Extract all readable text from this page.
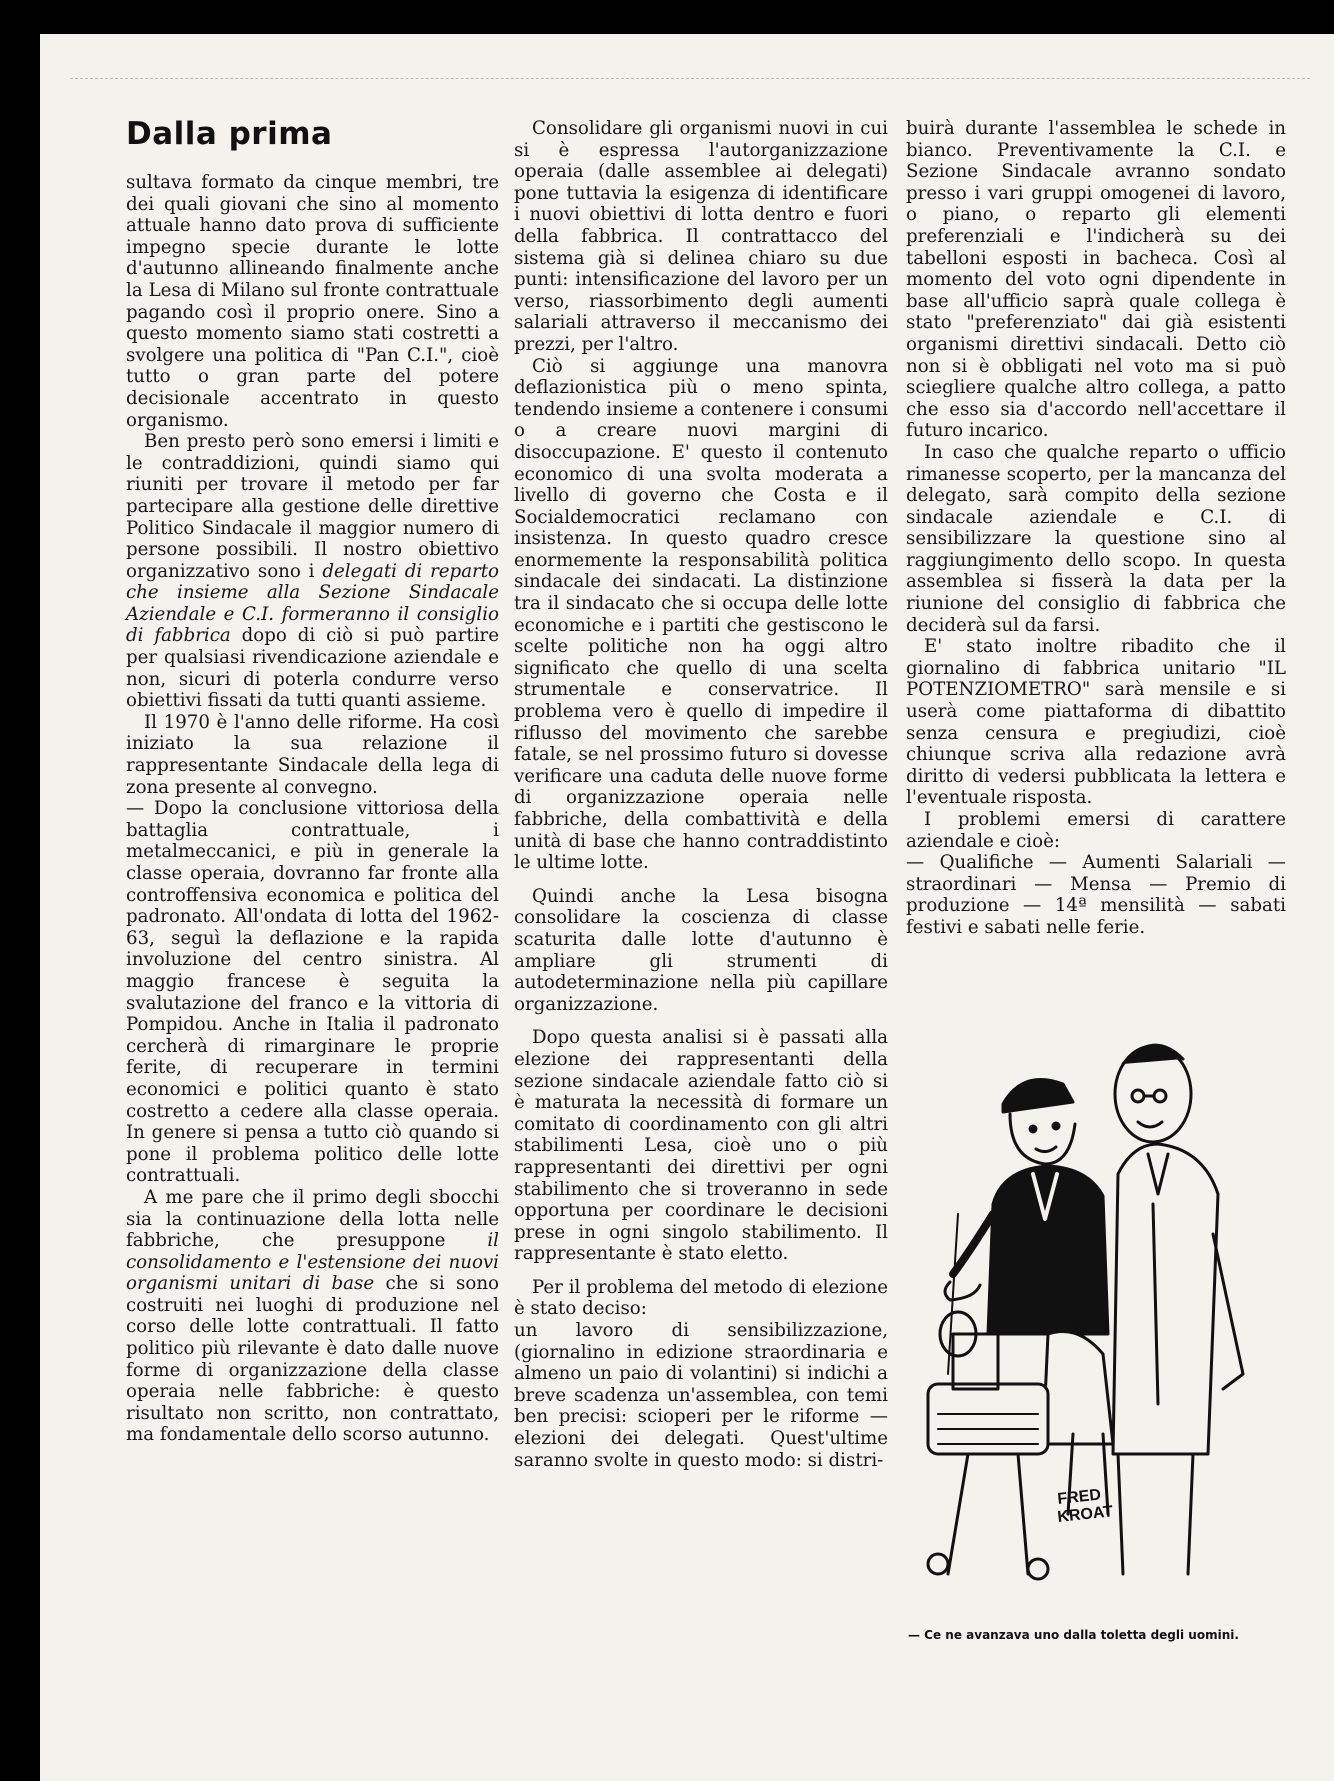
Dalla prima

sultava formato da cinque membri, tre dei quali giovani che sino al momento attuale hanno dato prova di sufficiente impegno specie durante le lotte d'autunno allineando finalmente anche la Lesa di Milano sul fronte contrattuale pagando così il proprio onere. Sino a questo momento siamo stati costretti a svolgere una politica di "Pan C.I.", cioè tutto o gran parte del potere decisionale accentrato in questo organismo.

Ben presto però sono emersi i limiti e le contraddizioni, quindi siamo qui riuniti per trovare il metodo per far partecipare alla gestione delle direttive Politico Sindacale il maggior numero di persone possibili. Il nostro obiettivo organizzativo sono i delegati di reparto che insieme alla Sezione Sindacale Aziendale e C.I. formeranno il consiglio di fabbrica dopo di ciò si può partire per qualsiasi rivendicazione aziendale e non, sicuri di poterla condurre verso obiettivi fissati da tutti quanti assieme.

Il 1970 è l'anno delle riforme. Ha così iniziato la sua relazione il rappresentante Sindacale della lega di zona presente al convegno.

— Dopo la conclusione vittoriosa della battaglia contrattuale, i metalmeccanici, e più in generale la classe operaia, dovranno far fronte alla controffensiva economica e politica del padronato. All'ondata di lotta del 1962-63, seguì la deflazione e la rapida involuzione del centro sinistra. Al maggio francese è seguita la svalutazione del franco e la vittoria di Pompidou. Anche in Italia il padronato cercherà di rimarginare le proprie ferite, di recuperare in termini economici e politici quanto è stato costretto a cedere alla classe operaia. In genere si pensa a tutto ciò quando si pone il problema politico delle lotte contrattuali.

A me pare che il primo degli sbocchi sia la continuazione della lotta nelle fabbriche, che presuppone il consolidamento e l'estensione dei nuovi organismi unitari di base che si sono costruiti nei luoghi di produzione nel corso delle lotte contrattuali. Il fatto politico più rilevante è dato dalle nuove forme di organizzazione della classe operaia nelle fabbriche: è questo risultato non scritto, non contrattato, ma fondamentale dello scorso autunno.

Consolidare gli organismi nuovi in cui si è espressa l'autorganizzazione operaia (dalle assemblee ai delegati) pone tuttavia la esigenza di identificare i nuovi obiettivi di lotta dentro e fuori della fabbrica. Il contrattacco del sistema già si delinea chiaro su due punti: intensificazione del lavoro per un verso, riassorbimento degli aumenti salariali attraverso il meccanismo dei prezzi, per l'altro.

Ciò si aggiunge una manovra deflazionistica più o meno spinta, tendendo insieme a contenere i consumi o a creare nuovi margini di disoccupazione. E' questo il contenuto economico di una svolta moderata a livello di governo che Costa e il Socialdemocratici reclamano con insistenza. In questo quadro cresce enormemente la responsabilità politica sindacale dei sindacati. La distinzione tra il sindacato che si occupa delle lotte economiche e i partiti che gestiscono le scelte politiche non ha oggi altro significato che quello di una scelta strumentale e conservatrice. Il problema vero è quello di impedire il riflusso del movimento che sarebbe fatale, se nel prossimo futuro si dovesse verificare una caduta delle nuove forme di organizzazione operaia nelle fabbriche, della combattività e della unità di base che hanno contraddistinto le ultime lotte.

Quindi anche la Lesa bisogna consolidare la coscienza di classe scaturita dalle lotte d'autunno è ampliare gli strumenti di autodeterminazione nella più capillare organizzazione.

Dopo questa analisi si è passati alla elezione dei rappresentanti della sezione sindacale aziendale fatto ciò si è maturata la necessità di formare un comitato di coordinamento con gli altri stabilimenti Lesa, cioè uno o più rappresentanti dei direttivi per ogni stabilimento che si troveranno in sede opportuna per coordinare le decisioni prese in ogni singolo stabilimento. Il rappresentante è stato eletto.

Per il problema del metodo di elezione è stato deciso:

un lavoro di sensibilizzazione, (giornalino in edizione straordinaria e almeno un paio di volantini) si indichi a breve scadenza un'assemblea, con temi ben precisi: scioperi per le riforme — elezioni dei delegati. Quest'ultime saranno svolte in questo modo: si distri-

buirà durante l'assemblea le schede in bianco. Preventivamente la C.I. e Sezione Sindacale avranno sondato presso i vari gruppi omogenei di lavoro, o piano, o reparto gli elementi preferenziali e l'indicherà su dei tabelloni esposti in bacheca. Così al momento del voto ogni dipendente in base all'ufficio saprà quale collega è stato "preferenziato" dai già esistenti organismi direttivi sindacali. Detto ciò non si è obbligati nel voto ma si può sciegliere qualche altro collega, a patto che esso sia d'accordo nell'accettare il futuro incarico.

In caso che qualche reparto o ufficio rimanesse scoperto, per la mancanza del delegato, sarà compito della sezione sindacale aziendale e C.I. di sensibilizzare la questione sino al raggiungimento dello scopo. In questa assemblea si fisserà la data per la riunione del consiglio di fabbrica che deciderà sul da farsi.

E' stato inoltre ribadito che il giornalino di fabbrica unitario "IL POTENZIOMETRO" sarà mensile e si userà come piattaforma di dibattito senza censura e pregiudizi, cioè chiunque scriva alla redazione avrà diritto di vedersi pubblicata la lettera e l'eventuale risposta.

I problemi emersi di carattere aziendale e cioè:

— Qualifiche — Aumenti Salariali — straordinari — Mensa — Premio di produzione — 14ª mensilità — sabati festivi e sabati nelle ferie.

FRED
KROAT

— Ce ne avanzava uno dalla toletta degli uomini.
